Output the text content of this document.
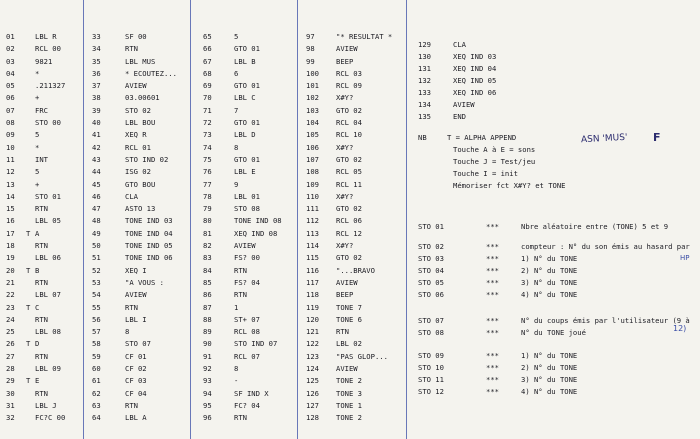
01	LBL R
02	RCL 00
03	9821
04	*
05	.211327
06	+
07	FRC
08	STO 00
09	5
10	*
11	INT
12	5
13	+
14	STO 01
15	RTN
16	LBL 05
17 T A
18	RTN
19	LBL 06
20 T B
21	RTN
22	LBL 07
23 T C
24	RTN
25	LBL 08
26 T D
27	RTN
28	LBL 09
29 T E
30	RTN
31	LBL J
32	FC?C 00
33	SF 00
34	RTN
35	LBL MUS
36	* ECOUTEZ...
37	AVIEW
38	03.00601
39	STO 02
40	LBL BOU
41	XEQ R
42	RCL 01
43	STO IND 02
44	ISG 02
45	GTO BOU
46	CLA
47	ASTO 13
48	TONE IND 03
49	TONE IND 04
50	TONE IND 05
51	TONE IND 06
52	XEQ I
53	"A VOUS :
54	AVIEW
55	RTN
56	LBL I
57	8
58	STO 07
59	CF 01
60	CF 02
61	CF 03
62	CF 04
63	RTN
64	LBL A
65	5
66	GTO 01
67	LBL B
68	6
69	GTO 01
70	LBL C
71	7
72	GTO 01
73	LBL D
74	8
75	GTO 01
76	LBL E
77	9
78	LBL 01
79	STO 08
80	TONE IND 08
81	XEQ IND 08
82	AVIEW
83	FS? 00
84	RTN
85	FS? 04
86	RTN
87	1
88	ST+ 07
89	RCL 08
90	STO IND 07
91	RCL 07
92	8
93	-
94	SF IND X
95	FC? 04
96	RTN
97	"* RESULTAT *
98	AVIEW
99	BEEP
100 RCL 03
101 RCL 09
102 X#Y?
103 GTO 02
104 RCL 04
105 RCL 10
106 X#Y?
107 GTO 02
108 RCL 05
109 RCL 11
110 X#Y?
111 GTO 02
112 RCL 06
113 RCL 12
114 X#Y?
115 GTO 02
116 "...BRAVO
117 AVIEW
118 BEEP
119 TONE 7
120 TONE 6
121 RTN
122 LBL 02
123 "PAS GLOP...
124 AVIEW
125 TONE 2
126 TONE 3
127 TONE 1
128 TONE 2
129	CLA
130	XEQ IND 03
131	XEQ IND 04
132	XEQ IND 05
133	XEQ IND 06
134	AVIEW
135	END
NB	T = ALPHA APPEND
Touche A à E = sons
Touche J = Test/jeu
Touche I = init
Mémoriser fct X#Y? et TONE
ASN 'MUS' F
STO 01	***	Nbre aléatoire entre (TONE) 5 et 9
STO 02	***	compteur : N° du son émis au hasard par
STO 03	***	1) N° du TONE
STO 04	***	2) N° du TONE
STO 05	***	3) N° du TONE
STO 06	***	4) N° du TONE
STO 07	***	N° du coups émis par l'utilisateur (9 à
STO 08	***	N° du TONE joué
STO 09	***	1) N° du TONE
STO 10	***	2) N° du TONE
STO 11	***	3) N° du TONE
STO 12	***	4) N° du TONE
HP
12)
